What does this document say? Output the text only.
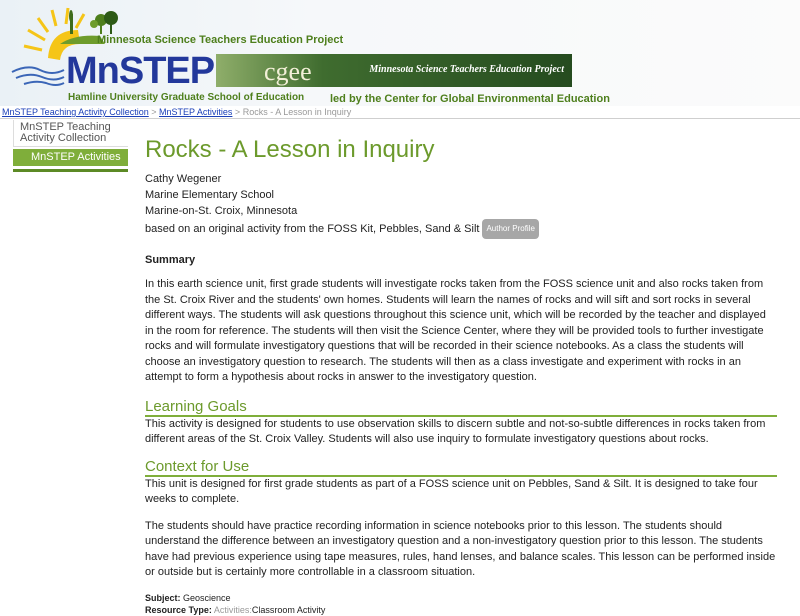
Minnesota Science Teachers Education Project
MnSTEP
Hamline University Graduate School of Education
cgee	Minnesota Science Teachers Education Project
led by the Center for Global Environmental Education
MnSTEP Teaching Activity Collection > MnSTEP Activities > Rocks - A Lesson in Inquiry
MnSTEP Teaching Activity Collection
MnSTEP Activities	Rocks - A Lesson in Inquiry

Cathy Wegener

Marine Elementary School

Marine-on-St. Croix, Minnesota

based on an original activity from the FOSS Kit, Pebbles, Sand & Silt Author Profile

Summary

In this earth science unit, first grade students will investigate rocks taken from the FOSS science unit and also rocks taken from the St. Croix River and the students' own homes. Students will learn the names of rocks and will sift and sort rocks in several different ways. The students will ask questions throughout this science unit, which will be recorded by the teacher and displayed in the room for reference. The students will then visit the Science Center, where they will be provided tools to further investigate rocks and will formulate investigatory questions that will be recorded in their science notebooks. As a class the students will choose an investigatory question to research. The students will then as a class investigate and experiment with rocks in an attempt to form a hypothesis about rocks in answer to the investigatory question.

Learning Goals

This activity is designed for students to use observation skills to discern subtle and not-so-subtle differences in rocks taken from different areas of the St. Croix Valley. Students will also use inquiry to formulate investigatory questions about rocks.

Context for Use

This unit is designed for first grade students as part of a FOSS science unit on Pebbles, Sand & Silt. It is designed to take four weeks to complete.

The students should have practice recording information in science notebooks prior to this lesson. The students should understand the difference between an investigatory question and a non-investigatory question prior to this lesson. The students have had previous experience using tape measures, rules, hand lenses, and balance scales. This lesson can be performed inside or outside but is certainly more controllable in a classroom situation.

Subject: Geoscience

Resource Type: Activities:Classroom Activity
